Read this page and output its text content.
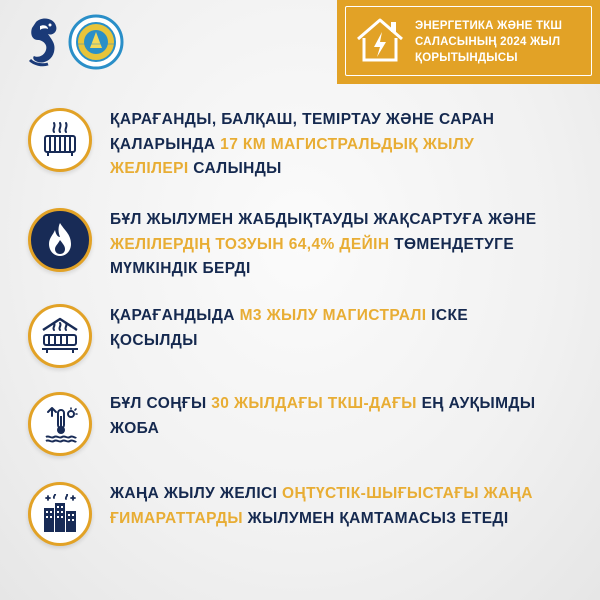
ЭНЕРГЕТИКА ЖӘНЕ ТКШ
САЛАСЫНЫҢ 2024 ЖЫЛ
ҚОРЫТЫНДЫСЫ
ҚАРАҒАНДЫ, БАЛҚАШ, ТЕМІРТАУ ЖӘНЕ САРАН ҚАЛАРЫНДА 17 КМ МАГИСТРАЛЬДЫҚ ЖЫЛУ ЖЕЛІЛЕРІ САЛЫНДЫ
БҰЛ ЖЫЛУМЕН ЖАБДЫҚТАУДЫ ЖАҚСАРТУҒА ЖӘНЕ ЖЕЛІЛЕРДІҢ ТОЗУЫН 64,4% ДЕЙІН ТӨМЕНДЕТУГЕ МҮМКІНДІК БЕРДІ
ҚАРАҒАНДЫДА М3 ЖЫЛУ МАГИСТРАЛІ ІСКЕ ҚОСЫЛДЫ
БҰЛ СОҢҒЫ 30 ЖЫЛДАҒЫ ТКШ-ДАҒЫ ЕҢ АУҚЫМДЫ ЖОБА
ЖАҢА ЖЫЛУ ЖЕЛІСІ ОҢТҮСТІК-ШЫҒЫСТАҒЫ ЖАҢА ҒИМАРАТТАРДЫ ЖЫЛУМЕН ҚАМТАМАСЫЗ ЕТЕДІ
